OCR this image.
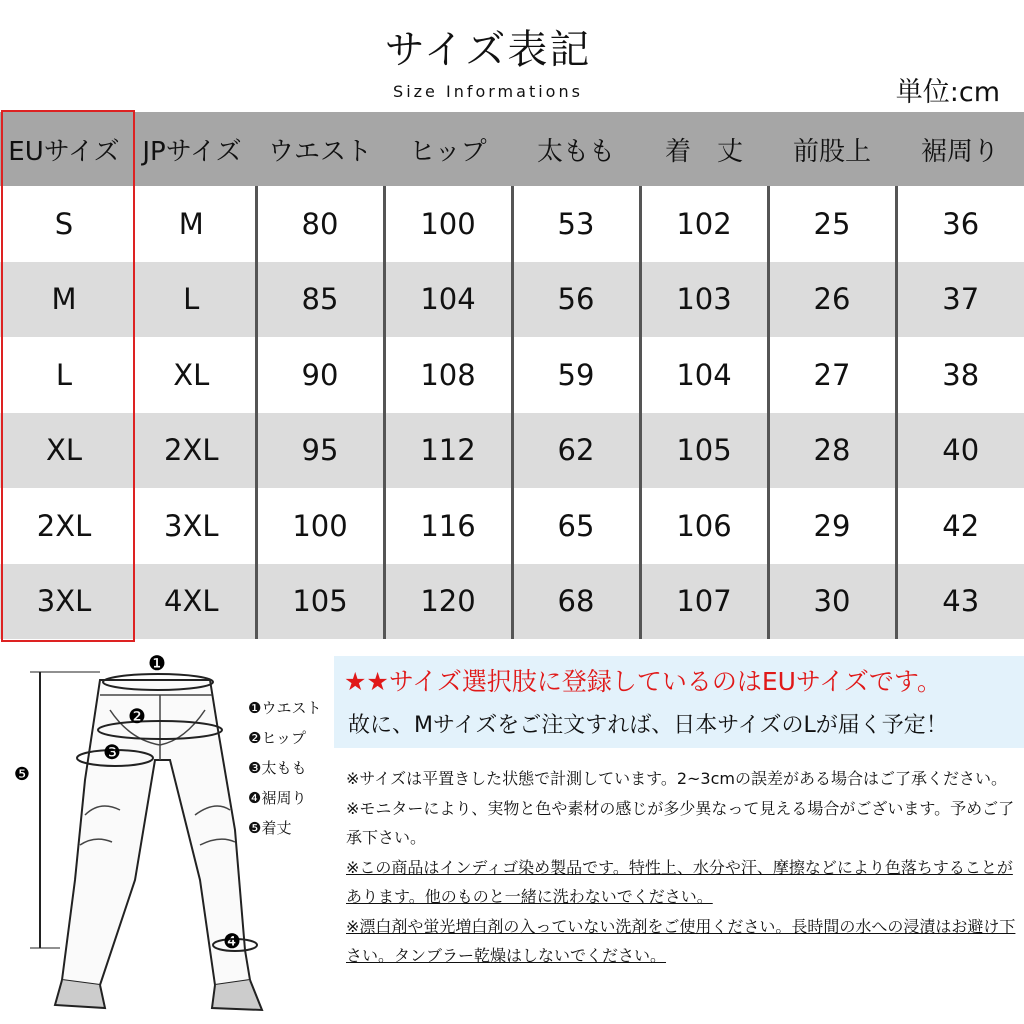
サイズ表記
Size Informations	単位:cm
EUサイズ	JPサイズ	ウエスト	ヒップ	太もも	着　丈	前股上	裾周り
S	M	80	100	53	102	25	36
M	L	85	104	56	103	26	37
L	XL	90	108	59	104	27	38
XL	2XL	95	112	62	105	28	40
2XL	3XL	100	116	65	106	29	42
3XL	4XL	105	120	68	107	30	43
❺
❶
❷
❸
❹
❶ウエスト
❷ヒップ
❸太もも
❹裾周り
❺着丈
★★サイズ選択肢に登録しているのはEUサイズです。
故に、Mサイズをご注文すれば、日本サイズのLが届く予定！

※サイズは平置きした状態で計測しています。2~3cmの誤差がある場合はご了承ください。

※モニターにより、実物と色や素材の感じが多少異なって見える場合がございます。予めご了承下さい。

※この商品はインディゴ染め製品です。特性上、水分や汗、摩擦などにより色落ちすることがあります。他のものと一緒に洗わないでください。

※漂白剤や蛍光増白剤の入っていない洗剤をご使用ください。長時間の水への浸漬はお避け下さい。タンブラー乾燥はしないでください。
